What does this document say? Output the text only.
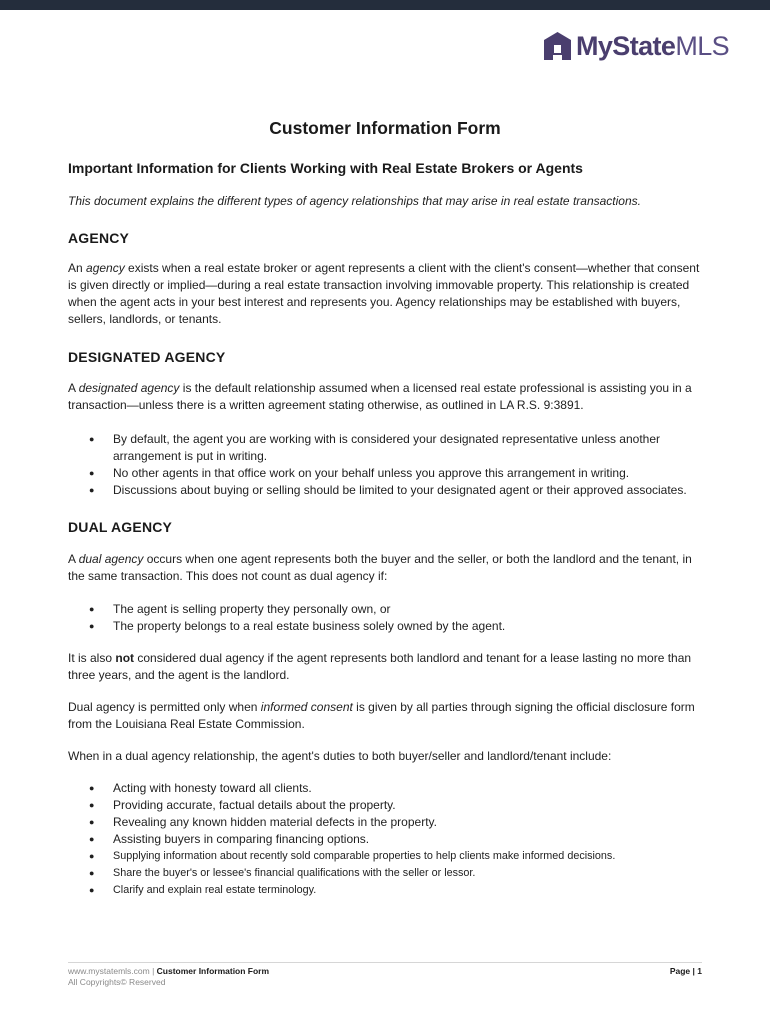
MyStateMLS
Customer Information Form
Important Information for Clients Working with Real Estate Brokers or Agents
This document explains the different types of agency relationships that may arise in real estate transactions.
AGENCY

An agency exists when a real estate broker or agent represents a client with the client's consent—whether that consent is given directly or implied—during a real estate transaction involving immovable property. This relationship is created when the agent acts in your best interest and represents you. Agency relationships may be established with buyers, sellers, landlords, or tenants.

DESIGNATED AGENCY

A designated agency is the default relationship assumed when a licensed real estate professional is assisting you in a transaction—unless there is a written agreement stating otherwise, as outlined in LA R.S. 9:3891.

● By default, the agent you are working with is considered your designated representative unless another arrangement is put in writing.
● No other agents in that office work on your behalf unless you approve this arrangement in writing.
● Discussions about buying or selling should be limited to your designated agent or their approved associates.
DUAL AGENCY

A dual agency occurs when one agent represents both the buyer and the seller, or both the landlord and the tenant, in the same transaction. This does not count as dual agency if:

● The agent is selling property they personally own, or
● The property belongs to a real estate business solely owned by the agent.

It is also not considered dual agency if the agent represents both landlord and tenant for a lease lasting no more than three years, and the agent is the landlord.

Dual agency is permitted only when informed consent is given by all parties through signing the official disclosure form from the Louisiana Real Estate Commission.

When in a dual agency relationship, the agent's duties to both buyer/seller and landlord/tenant include:

● Acting with honesty toward all clients.
● Providing accurate, factual details about the property.
● Revealing any known hidden material defects in the property.
● Assisting buyers in comparing financing options.
● Supplying information about recently sold comparable properties to help clients make informed decisions.
● Share the buyer's or lessee's financial qualifications with the seller or lessor.
● Clarify and explain real estate terminology.
www.mystatemls.com | Customer Information Form
All Copyrights© Reserved
Page | 1
